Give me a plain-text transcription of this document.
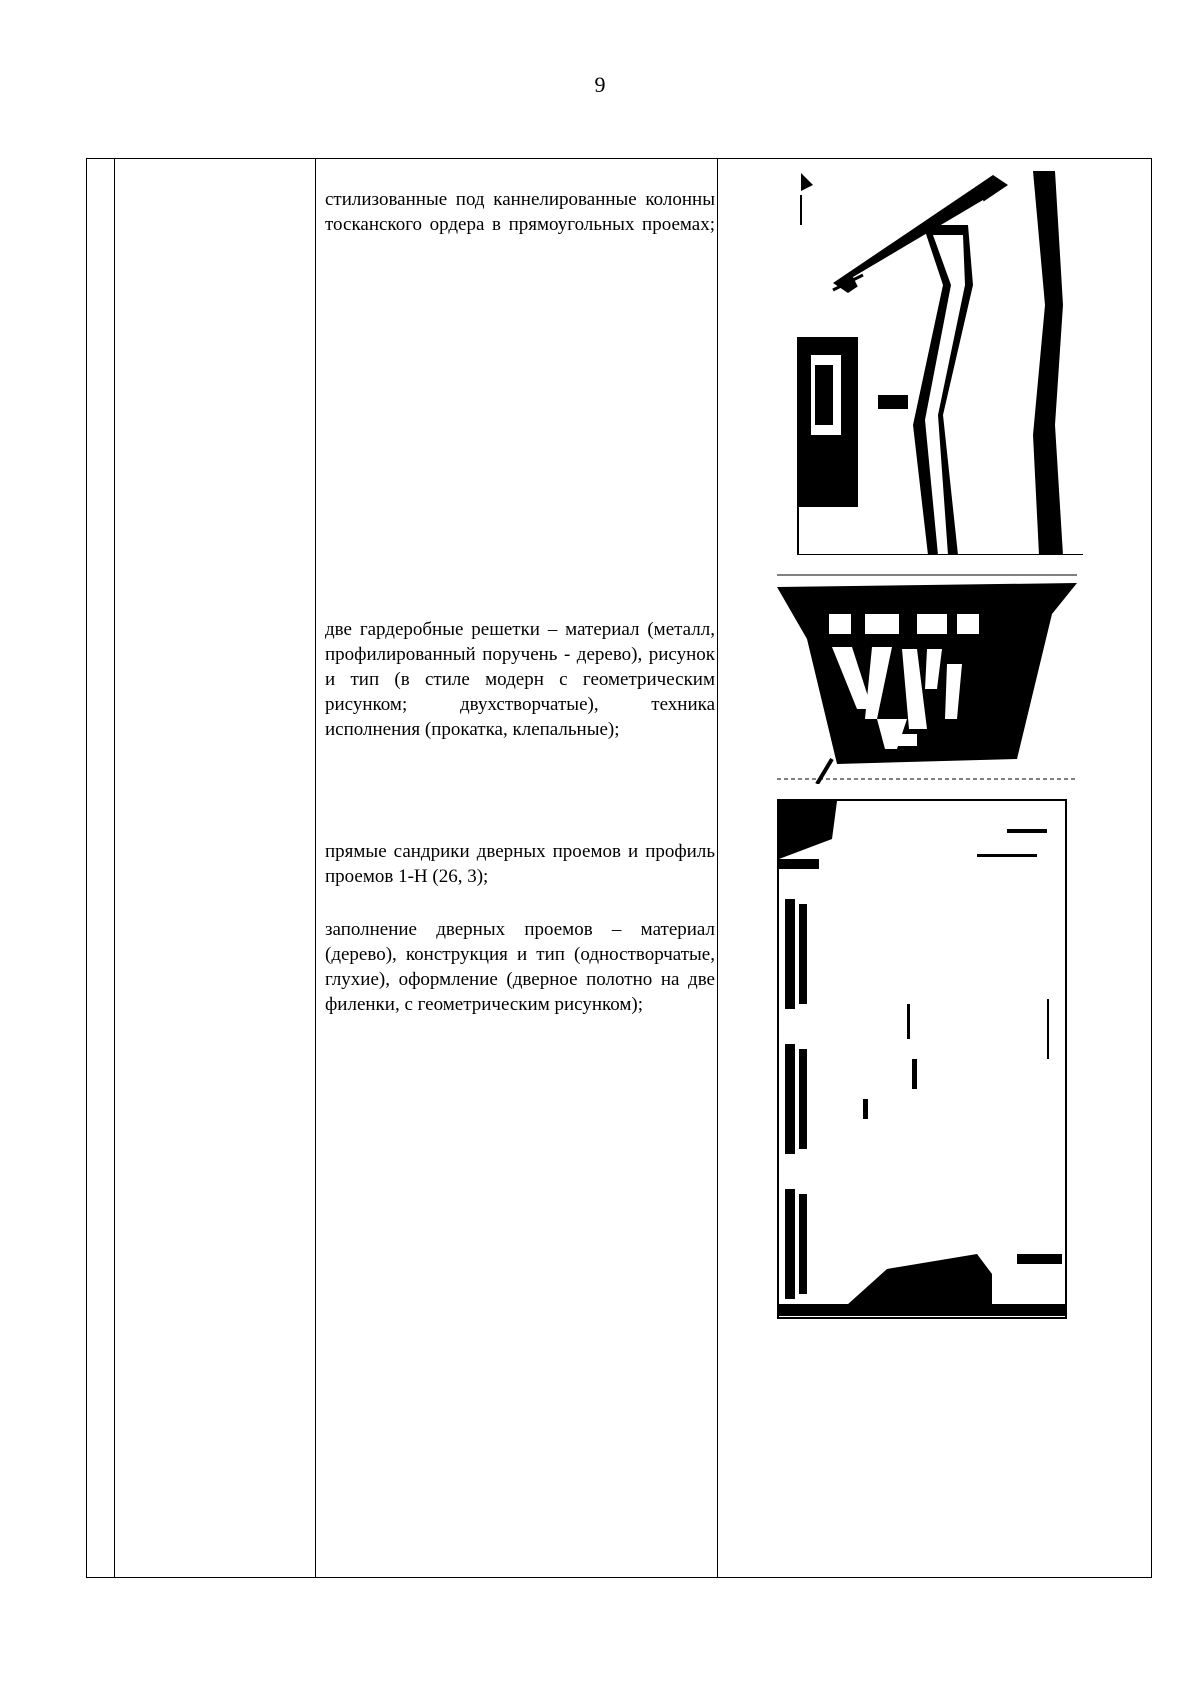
9
стилизованные под каннелированные колонны тосканского ордера в прямоугольных проемах;
две гардеробные решетки – материал (металл, профилированный поручень - дерево), рисунок и тип (в стиле модерн с геометрическим рисунком; двухстворчатые), техника исполнения (прокатка, клепальные);
прямые сандрики дверных проемов и профиль проемов 1-Н (26, 3);
заполнение дверных проемов – материал (дерево), конструкция и тип (одностворчатые, глухие), оформление (дверное полотно на две филенки, с геометрическим рисунком);
